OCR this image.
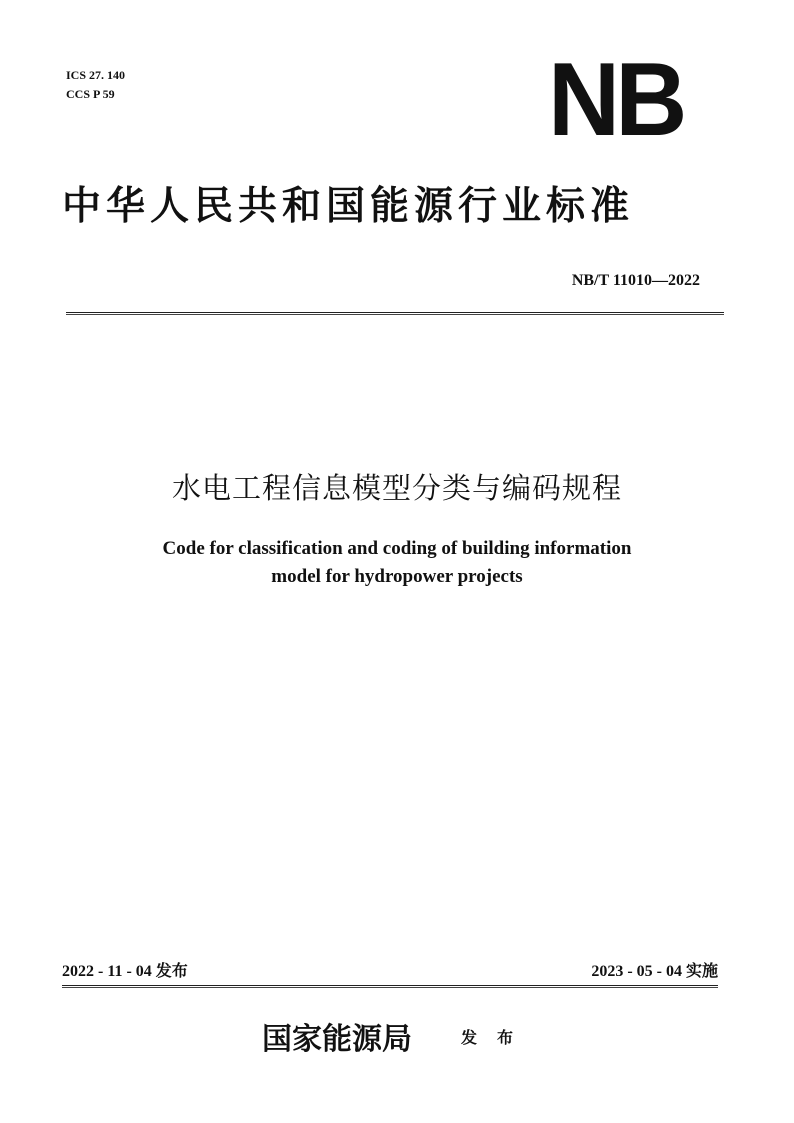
ICS 27. 140
CCS P 59	NB
中华人民共和国能源行业标准
NB/T 11010—2022
水电工程信息模型分类与编码规程
Code for classification and coding of building information
model for hydropower projects
2022 - 11 - 04 发布	2023 - 05 - 04 实施
国家能源局	发布
